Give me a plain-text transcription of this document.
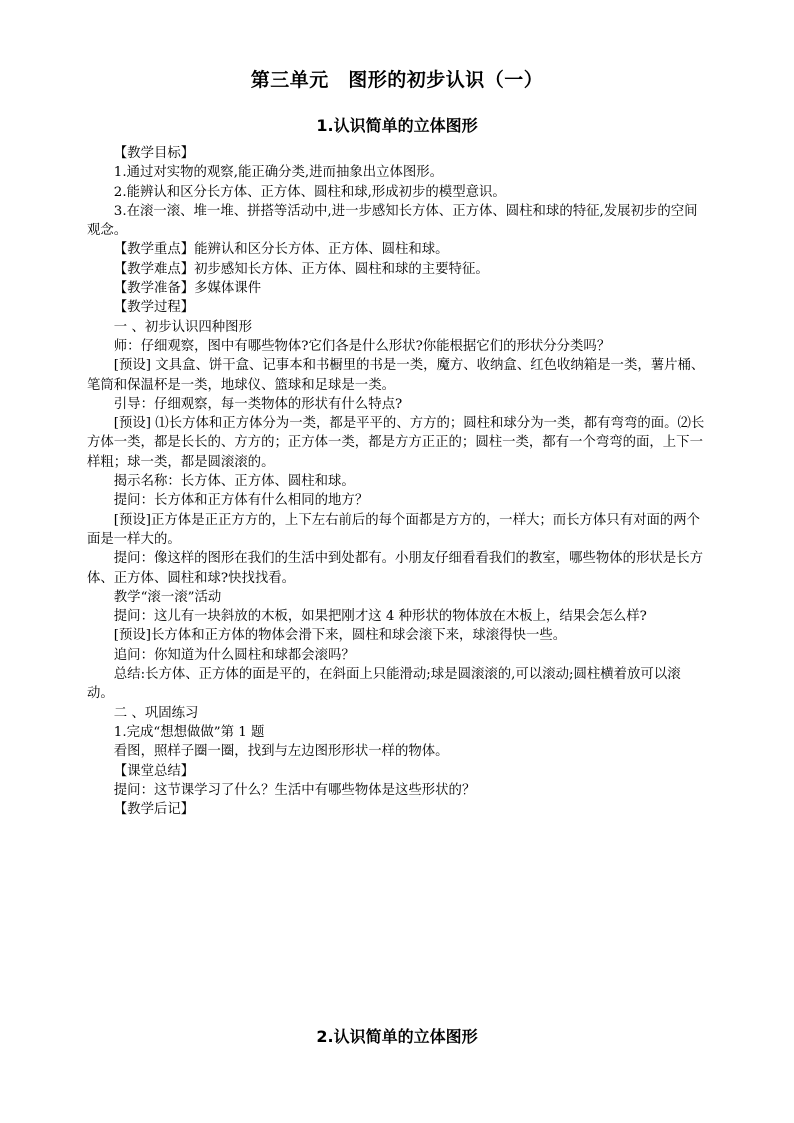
第三单元　图形的初步认识（一）
1.认识简单的立体图形

【教学目标】

1.通过对实物的观察,能正确分类,进而抽象出立体图形。

2.能辨认和区分长方体、正方体、圆柱和球,形成初步的模型意识。

3.在滚一滚、堆一堆、拼搭等活动中,进一步感知长方体、正方体、圆柱和球的特征,发展初步的空间观念。

【教学重点】能辨认和区分长方体、正方体、圆柱和球。

【教学难点】初步感知长方体、正方体、圆柱和球的主要特征。

【教学准备】多媒体课件

【教学过程】

一 、初步认识四种图形

师：仔细观察，图中有哪些物体?它们各是什么形状?你能根据它们的形状分分类吗？

[预设] 文具盒、饼干盒、记事本和书橱里的书是一类，魔方、收纳盒、红色收纳箱是一类，薯片桶、笔筒和保温杯是一类，地球仪、篮球和足球是一类。

引导：仔细观察，每一类物体的形状有什么特点?

[预设] ⑴长方体和正方体分为一类，都是平平的、方方的；圆柱和球分为一类，都有弯弯的面。⑵长方体一类，都是长长的、方方的；正方体一类，都是方方正正的；圆柱一类，都有一个弯弯的面，上下一样粗；球一类，都是圆滚滚的。

揭示名称：长方体、正方体、圆柱和球。

提问：长方体和正方体有什么相同的地方？

[预设]正方体是正正方方的，上下左右前后的每个面都是方方的，一样大；而长方体只有对面的两个面是一样大的。

提问：像这样的图形在我们的生活中到处都有。小朋友仔细看看我们的教室，哪些物体的形状是长方  体、正方体、圆柱和球?快找找看。

教学“滚一滚”活动

提问：这儿有一块斜放的木板，如果把刚才这 4 种形状的物体放在木板上，结果会怎么样?

[预设]长方体和正方体的物体会滑下来，圆柱和球会滚下来，球滚得快一些。

追问：你知道为什么圆柱和球都会滚吗？

总结:长方体、正方体的面是平的，在斜面上只能滑动;球是圆滚滚的,可以滚动;圆柱横着放可以滚动。

二 、巩固练习

1.完成“想想做做”第 1 题

看图，照样子圈一圈，找到与左边图形形状一样的物体。

【课堂总结】

提问：这节课学习了什么？生活中有哪些物体是这些形状的？

【教学后记】

2.认识简单的立体图形
